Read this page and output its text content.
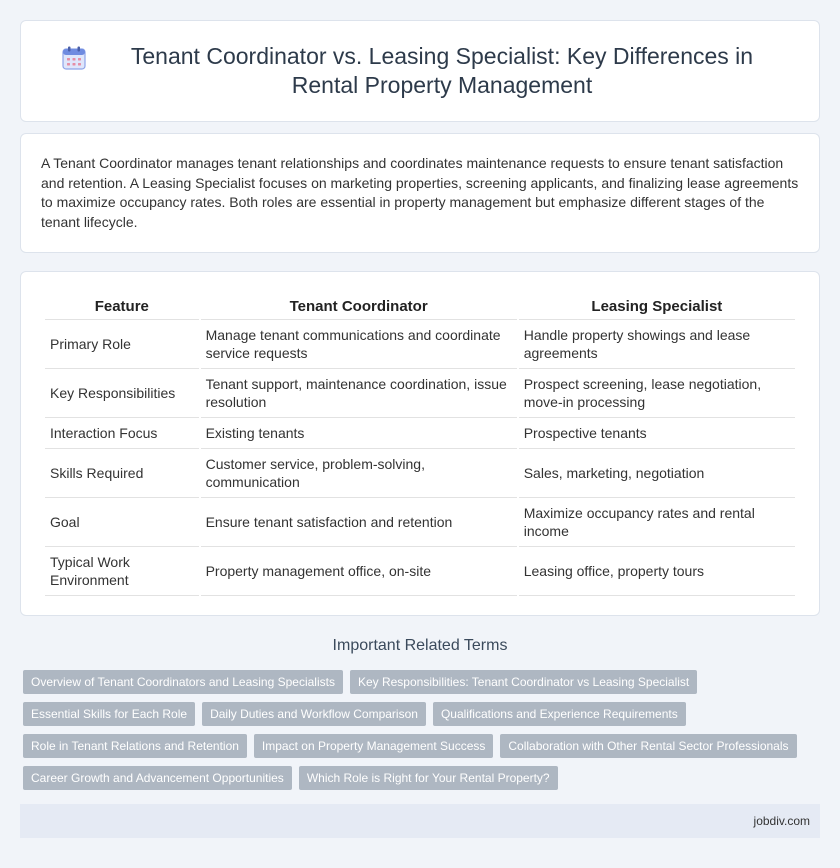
Tenant Coordinator vs. Leasing Specialist: Key Differences in Rental Property Management

A Tenant Coordinator manages tenant relationships and coordinates maintenance requests to ensure tenant satisfaction and retention. A Leasing Specialist focuses on marketing properties, screening applicants, and finalizing lease agreements to maximize occupancy rates. Both roles are essential in property management but emphasize different stages of the tenant lifecycle.

Feature	Tenant Coordinator	Leasing Specialist
Primary Role	Manage tenant communications and coordinate service requests	Handle property showings and lease agreements
Key Responsibilities	Tenant support, maintenance coordination, issue resolution	Prospect screening, lease negotiation, move-in processing
Interaction Focus	Existing tenants	Prospective tenants
Skills Required	Customer service, problem-solving, communication	Sales, marketing, negotiation
Goal	Ensure tenant satisfaction and retention	Maximize occupancy rates and rental income
Typical Work Environment	Property management office, on-site	Leasing office, property tours
Important Related Terms
Overview of Tenant Coordinators and Leasing Specialists	Key Responsibilities: Tenant Coordinator vs Leasing Specialist
Essential Skills for Each Role	Daily Duties and Workflow Comparison	Qualifications and Experience Requirements
Role in Tenant Relations and Retention	Impact on Property Management Success	Collaboration with Other Rental Sector Professionals
Career Growth and Advancement Opportunities	Which Role is Right for Your Rental Property?
jobdiv.com
